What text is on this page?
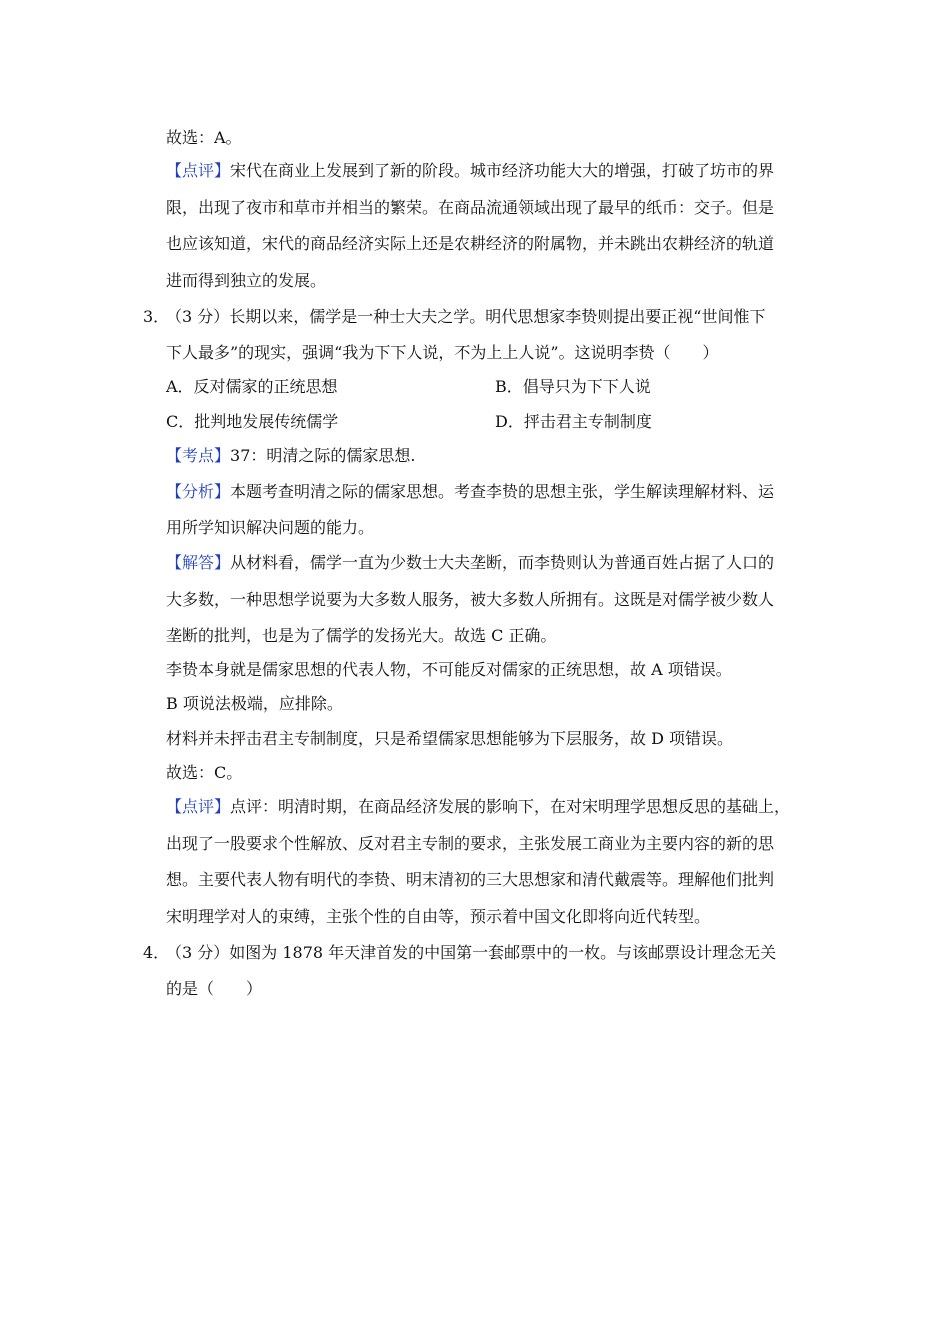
故选：A。
【点评】宋代在商业上发展到了新的阶段。城市经济功能大大的增强，打破了坊市的界
限，出现了夜市和草市并相当的繁荣。在商品流通领域出现了最早的纸币：交子。但是
也应该知道，宋代的商品经济实际上还是农耕经济的附属物，并未跳出农耕经济的轨道
进而得到独立的发展。
3．
（3 分）长期以来，儒学是一种士大夫之学。明代思想家李贽则提出要正视“世间惟下
下人最多”的现实，强调“我为下下人说，不为上上人说”。这说明李贽（　　）
A．反对儒家的正统思想	B．倡导只为下下人说
C．批判地发展传统儒学	D．抨击君主专制制度
【考点】37：明清之际的儒家思想.
【分析】本题考查明清之际的儒家思想。考查李贽的思想主张，学生解读理解材料、运
用所学知识解决问题的能力。
【解答】从材料看，儒学一直为少数士大夫垄断，而李贽则认为普通百姓占据了人口的
大多数，一种思想学说要为大多数人服务，被大多数人所拥有。这既是对儒学被少数人
垄断的批判，也是为了儒学的发扬光大。故选 C 正确。
李贽本身就是儒家思想的代表人物，不可能反对儒家的正统思想，故 A 项错误。
B 项说法极端，应排除。
材料并未抨击君主专制制度，只是希望儒家思想能够为下层服务，故 D 项错误。
故选：C。
【点评】点评：明清时期，在商品经济发展的影响下，在对宋明理学思想反思的基础上，
出现了一股要求个性解放、反对君主专制的要求，主张发展工商业为主要内容的新的思
想。主要代表人物有明代的李贽、明末清初的三大思想家和清代戴震等。理解他们批判
宋明理学对人的束缚，主张个性的自由等，预示着中国文化即将向近代转型。
4．
（3 分）如图为 1878 年天津首发的中国第一套邮票中的一枚。与该邮票设计理念无关
的是（　　）
